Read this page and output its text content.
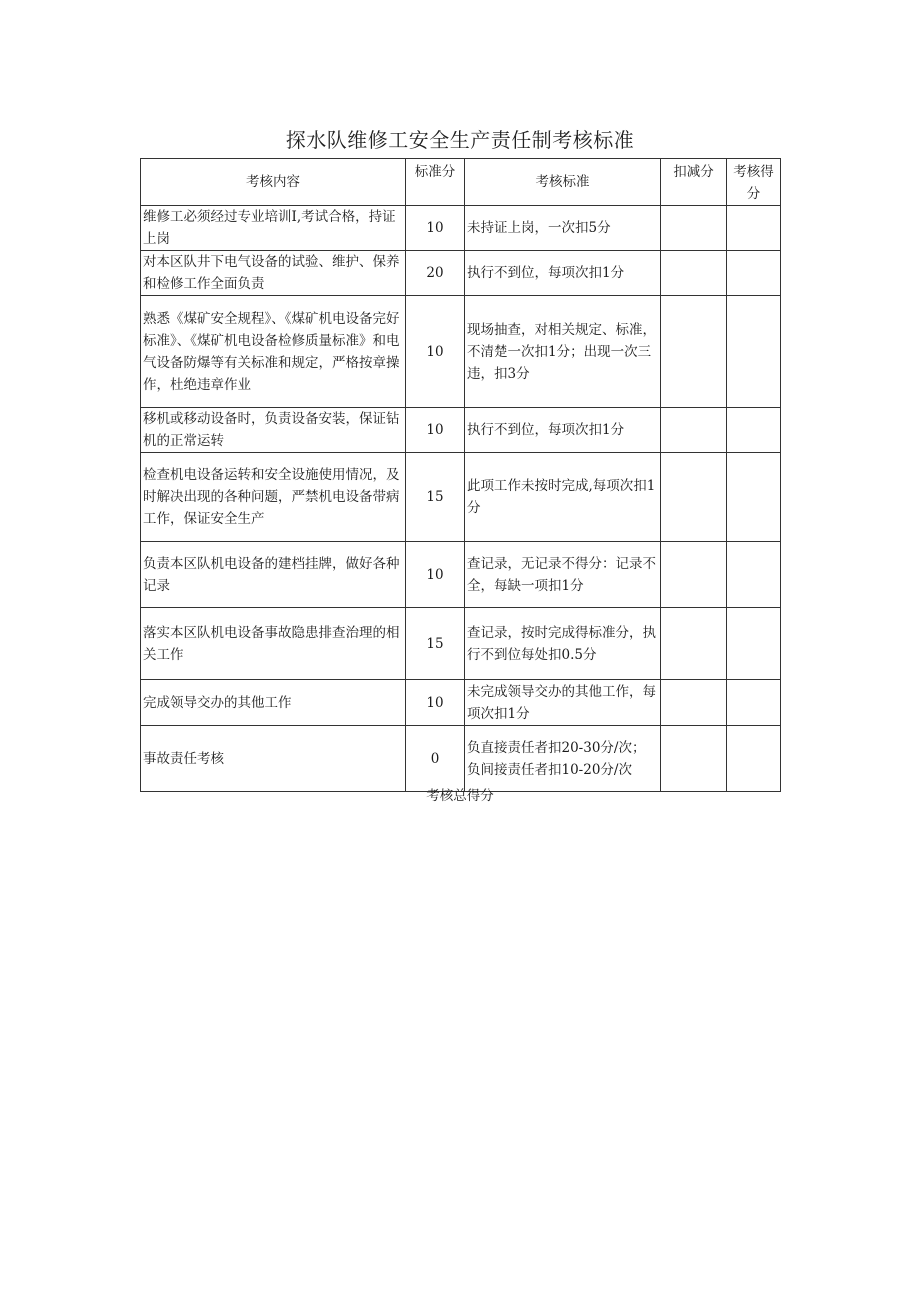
探水队维修工安全生产责任制考核标准
考核内容	标准分	考核标准	扣减分	考核得分
维修工必须经过专业培训Ⅰ,考试合格，持证上岗	10	未持证上岗，一次扣5分		
对本区队井下电气设备的试验、维护、保养和检修工作全面负责	20	执行不到位，每项次扣1分		
熟悉《煤矿安全规程》、《煤矿机电设备完好标准》、《煤矿机电设备检修质量标准》和电气设备防爆等有关标准和规定，严格按章操作，杜绝违章作业	10	现场抽查，对相关规定、标准，不清楚一次扣1分；出现一次三违，扣3分		
移机或移动设备时，负责设备安装，保证钻机的正常运转	10	执行不到位，每项次扣1分		
检查机电设备运转和安全设施使用情况，及时解决出现的各种问题，严禁机电设备带病工作，保证安全生产	15	此项工作未按时完成,每项次扣1分		
负责本区队机电设备的建档挂牌，做好各种记录	10	查记录，无记录不得分：记录不全，每缺一项扣1分		
落实本区队机电设备事故隐患排查治理的相关工作	15	查记录，按时完成得标准分，执行不到位每处扣0.5分		
完成领导交办的其他工作	10	未完成领导交办的其他工作，每项次扣1分		
事故责任考核	0	负直接责任者扣20-30分/次；负间接责任者扣10-20分/次		
考核总得分
